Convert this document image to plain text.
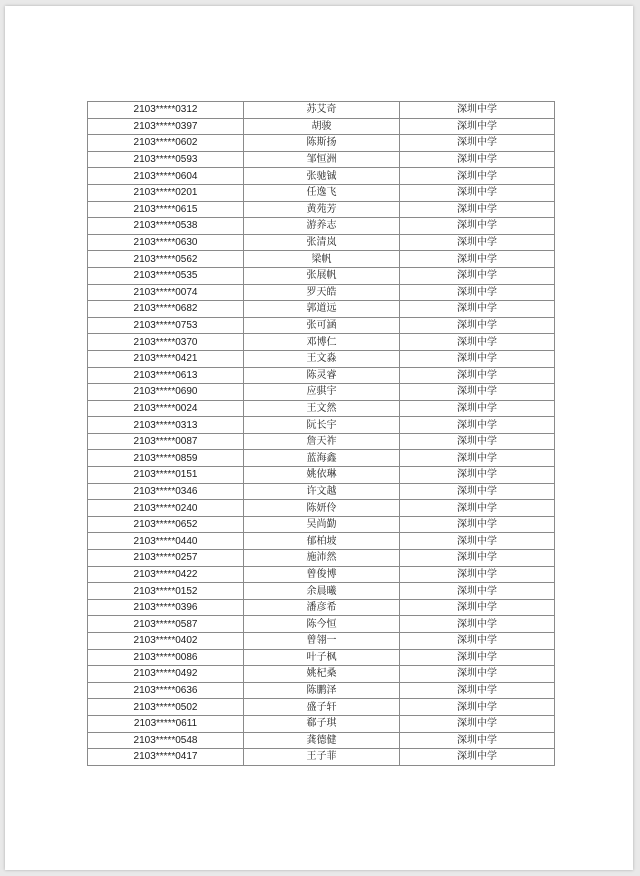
2103*****0312	苏艾奇	深圳中学
2103*****0397	胡骏	深圳中学
2103*****0602	陈斯扬	深圳中学
2103*****0593	邹恒洲	深圳中学
2103*****0604	张驰铖	深圳中学
2103*****0201	任逸飞	深圳中学
2103*****0615	黄苑芳	深圳中学
2103*****0538	游养志	深圳中学
2103*****0630	张清岚	深圳中学
2103*****0562	梁帆	深圳中学
2103*****0535	张展帆	深圳中学
2103*****0074	罗天皓	深圳中学
2103*****0682	郭道远	深圳中学
2103*****0753	张可涵	深圳中学
2103*****0370	邓博仁	深圳中学
2103*****0421	王文淼	深圳中学
2103*****0613	陈灵睿	深圳中学
2103*****0690	应骐宇	深圳中学
2103*****0024	王文然	深圳中学
2103*****0313	阮长宇	深圳中学
2103*****0087	詹天祚	深圳中学
2103*****0859	蓝海鑫	深圳中学
2103*****0151	姚依琳	深圳中学
2103*****0346	许文越	深圳中学
2103*****0240	陈妍伶	深圳中学
2103*****0652	吴尚勤	深圳中学
2103*****0440	郁柏坡	深圳中学
2103*****0257	施沛然	深圳中学
2103*****0422	曾俊博	深圳中学
2103*****0152	余晨曦	深圳中学
2103*****0396	潘彦希	深圳中学
2103*****0587	陈今恒	深圳中学
2103*****0402	曾翎一	深圳中学
2103*****0086	叶子枫	深圳中学
2103*****0492	姚杞桑	深圳中学
2103*****0636	陈鹏泽	深圳中学
2103*****0502	盛子轩	深圳中学
2103*****0611	郗子琪	深圳中学
2103*****0548	龚德健	深圳中学
2103*****0417	王子菲	深圳中学
